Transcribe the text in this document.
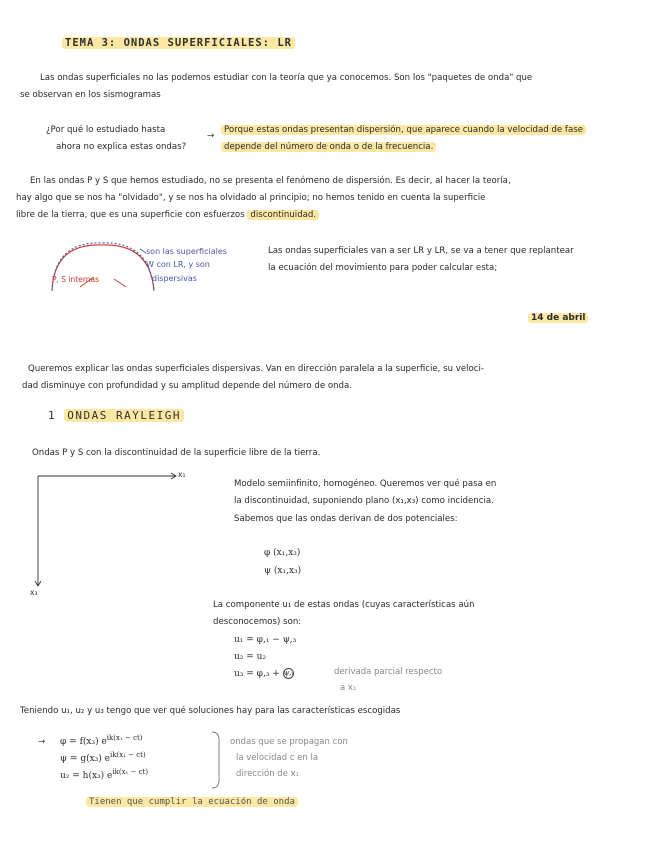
TEMA 3: ONDAS SUPERFICIALES: LR
Las ondas superficiales no las podemos estudiar con la teoría que ya conocemos. Son los "paquetes de onda" que
se observan en los sismogramas
¿Por qué lo estudiado hasta
ahora no explica estas ondas?
→
Porque estas ondas presentan dispersión, que aparece cuando la velocidad de fase
depende del número de onda o de la frecuencia.
En las ondas P y S que hemos estudiado, no se presenta el fenómeno de dispersión. Es decir, al hacer la teoría,
hay algo que se nos ha "olvidado", y se nos ha olvidado al principio; no hemos tenido en cuenta la superficie
libre de la tierra, que es una superficie con esfuerzos discontinuidad.
son las superficiales
W con LR, y son
dispersivas
P, S internas
Las ondas superficiales van a ser LR y LR, se va a tener que replantear
la ecuación del movimiento para poder calcular esta;
14 de abril
Queremos explicar las ondas superficiales dispersivas. Van en dirección paralela a la superficie, su veloci-
dad disminuye con profundidad y su amplitud depende del número de onda.
1 ONDAS RAYLEIGH
Ondas P y S con la discontinuidad de la superficie libre de la tierra.
x₁
x₃
Modelo semiinfinito, homogéneo. Queremos ver qué pasa en
la discontinuidad, suponiendo plano (x₁,x₃) como incidencia.
Sabemos que las ondas derivan de dos potenciales:
φ (x₁,x₃)
ψ (x₁,x₃)
La componente u₁ de estas ondas (cuyas características aún
desconocemos) son:
u₁ = φ,₁ − ψ,₃
u₂ = u₂
u₃ = φ,₃ + ψ,₁	derivada parcial respecto
a x₁
Teniendo u₁, u₂ y u₃ tengo que ver qué soluciones hay para las características escogidas
→ φ = f(x₃) $e^{ik(x_1 - ct)}$
ψ = g(x₃) $e^{ik(x_1 - ct)}$
u₂ = h(x₃) $e^{ik(x_1 - ct)}$
ondas que se propagan con
la velocidad c en la
dirección de x₁
Tienen que cumplir la ecuación de onda
